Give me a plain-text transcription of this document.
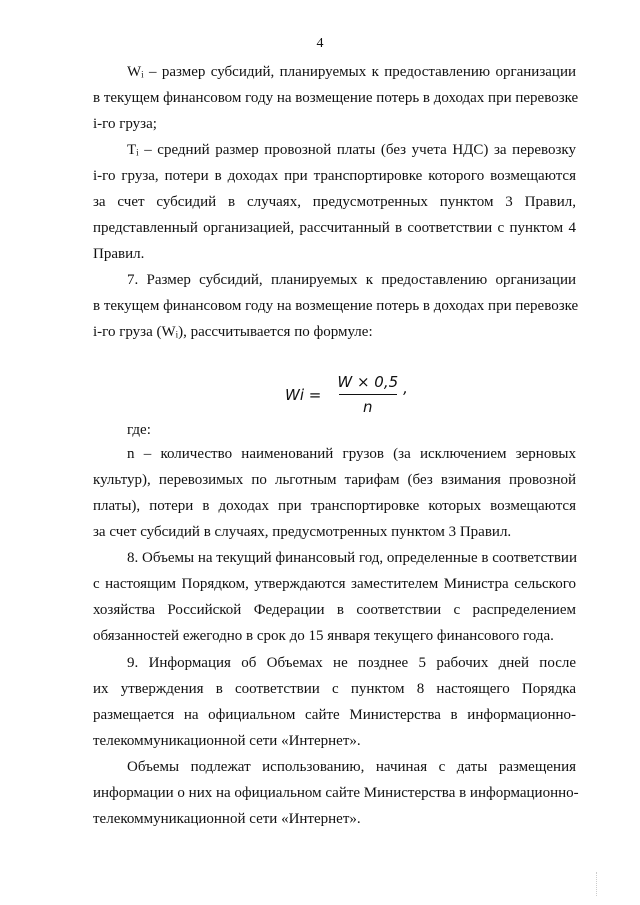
4
Wᵢ – размер субсидий, планируемых к предоставлению организации
в текущем финансовом году на возмещение потерь в доходах при перевозке
i-го груза;
Tᵢ – средний размер провозной платы (без учета НДС) за перевозку
i-го груза, потери в доходах при транспортировке которого возмещаются
за счет субсидий в случаях, предусмотренных пунктом 3 Правил,
представленный организацией, рассчитанный в соответствии с пунктом 4
Правил.
7. Размер субсидий, планируемых к предоставлению организации
в текущем финансовом году на возмещение потерь в доходах при перевозке
i-го груза (Wᵢ), рассчитывается по формуле:
$Wi = \frac{W \times 0,5}{n}$ ,
где:
n – количество наименований грузов (за исключением зерновых
культур), перевозимых по льготным тарифам (без взимания провозной
платы), потери в доходах при транспортировке которых возмещаются
за счет субсидий в случаях, предусмотренных пунктом 3 Правил.
8. Объемы на текущий финансовый год, определенные в соответствии
с настоящим Порядком, утверждаются заместителем Министра сельского
хозяйства Российской Федерации в соответствии с распределением
обязанностей ежегодно в срок до 15 января текущего финансового года.
9. Информация об Объемах не позднее 5 рабочих дней после
их утверждения в соответствии с пунктом 8 настоящего Порядка
размещается на официальном сайте Министерства в информационно-
телекоммуникационной сети «Интернет».
Объемы подлежат использованию, начиная с даты размещения
информации о них на официальном сайте Министерства в информационно-
телекоммуникационной сети «Интернет».
